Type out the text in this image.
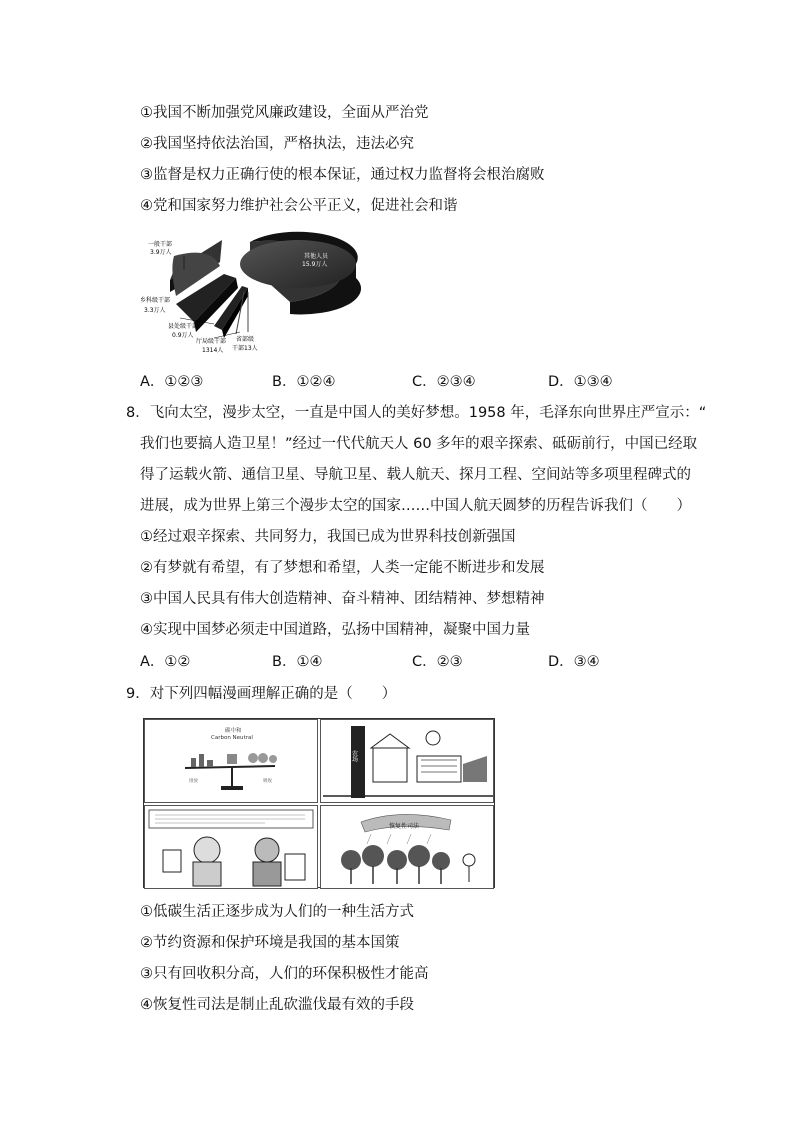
①我国不断加强党风廉政建设，全面从严治党
②我国坚持依法治国，严格执法，违法必究
③监督是权力正确行使的根本保证，通过权力监督将会根治腐败
④党和国家努力维护社会公平正义，促进社会和谐
一般干部
3.9万人
其他人员
15.9万人
乡科级干部
3.3万人
县处级干部
0.9万人
厅局级干部
1314人
省部级
干部13人
A．①②③	B．①②④	C．②③④	D．①③④
8．飞向太空，漫步太空，一直是中国人的美好梦想。1958 年，毛泽东向世界庄严宣示：“
我们也要搞人造卫星！”经过一代代航天人 60 多年的艰辛探索、砥砺前行，中国已经取
得了运载火箭、通信卫星、导航卫星、载人航天、探月工程、空间站等多项里程碑式的
进展，成为世界上第三个漫步太空的国家……中国人航天圆梦的历程告诉我们（　　）
①经过艰辛探索、共同努力，我国已成为世界科技创新强国
②有梦就有希望，有了梦想和希望，人类一定能不断进步和发展
③中国人民具有伟大创造精神、奋斗精神、团结精神、梦想精神
④实现中国梦必须走中国道路，弘扬中国精神，凝聚中国力量
A．①②	B．①④	C．②③	D．③④
9．对下列四幅漫画理解正确的是（　　）
碳中和
Carbon Neutral
排放	吸收
农场
恢复性司法
①低碳生活正逐步成为人们的一种生活方式
②节约资源和保护环境是我国的基本国策
③只有回收积分高，人们的环保积极性才能高
④恢复性司法是制止乱砍滥伐最有效的手段
